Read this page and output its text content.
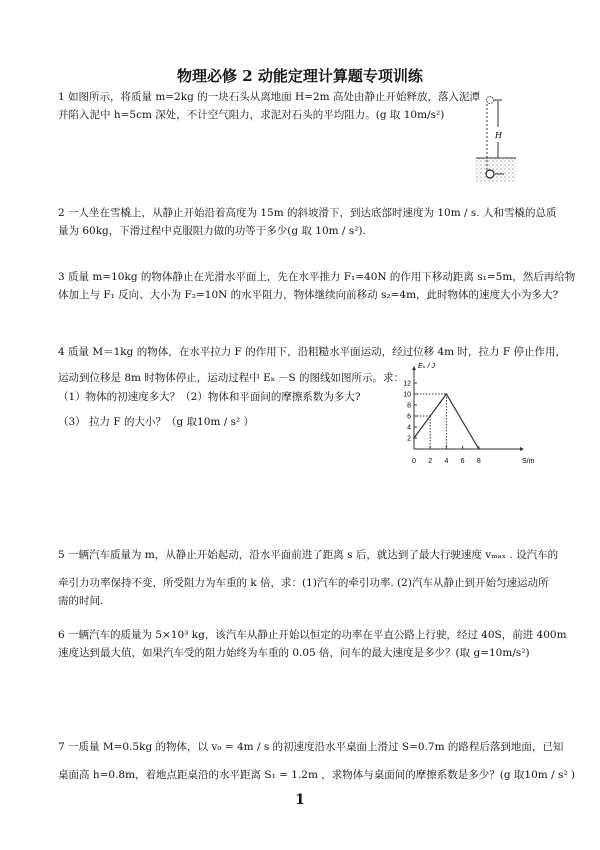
物理必修 2 动能定理计算题专项训练
1 如图所示，将质量 m=2kg 的一块石头从离地面 H=2m 高处由静止开始释放，落入泥潭
并陷入泥中 h=5cm 深处，不计空气阻力，求泥对石头的平均阻力。(g 取 10m/s²)
2 一人坐在雪橇上，从静止开始沿着高度为 15m 的斜坡滑下，到达底部时速度为 10m / s. 人和雪橇的总质
量为 60kg，下滑过程中克服阻力做的功等于多少(g 取 10m / s²).
3 质量 m=10kg 的物体静止在光滑水平面上，先在水平推力 F₁=40N 的作用下移动距离 s₁=5m，然后再给物
体加上与 F₁ 反向、大小为 F₂=10N 的水平阻力，物体继续向前移动 s₂=4m，此时物体的速度大小为多大?
4 质量 M＝1kg 的物体，在水平拉力 F 的作用下，沿粗糙水平面运动，经过位移 4m 时，拉力 F 停止作用，
运动到位移是 8m 时物体停止，运动过程中 Eₖ －S 的图线如图所示。求：
（1）物体的初速度多大？（2）物体和平面间的摩擦系数为多大?
（3） 拉力 F 的大小？（g 取10m / s² ）
5 一辆汽车质量为 m，从静止开始起动，沿水平面前进了距离 s 后，就达到了最大行驶速度 vₘₐₓ . 设汽车的
牵引力功率保持不变，所受阻力为车重的 k 倍，求：(1)汽车的牵引功率. (2)汽车从静止到开始匀速运动所
需的时间.
6 一辆汽车的质量为 5×10³ kg，该汽车从静止开始以恒定的功率在平直公路上行驶，经过 40S，前进 400m
速度达到最大值，如果汽车受的阻力始终为车重的 0.05 倍，问车的最大速度是多少？(取 g=10m/s²)
7 一质量 M=0.5kg 的物体，以 v₀ = 4m / s 的初速度沿水平桌面上滑过 S=0.7m 的路程后落到地面，已知
桌面高 h=0.8m，着地点距桌沿的水平距离 S₁ = 1.2m ，求物体与桌面间的摩擦系数是多少？(g 取10m / s² )
H
2
4
6
8
10
12
0 2 4 6 8	S/m
Eₖ / J
1
